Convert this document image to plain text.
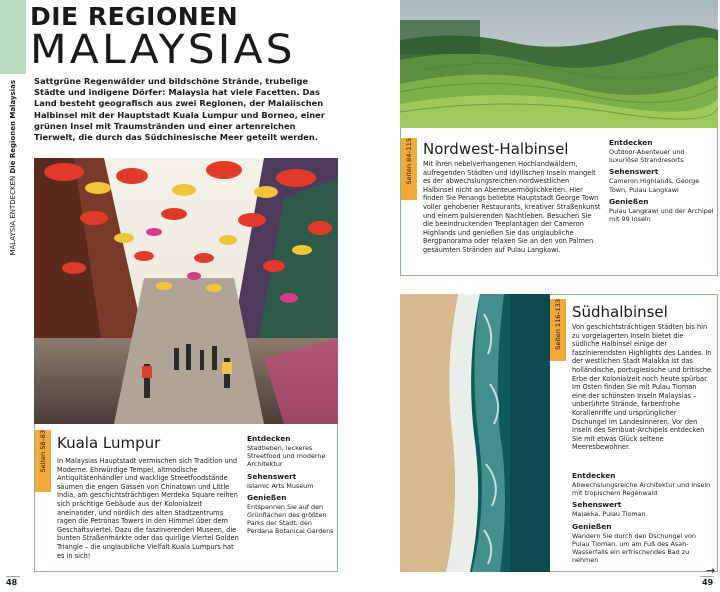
DIE REGIONEN
MALAYSIAS
MALAYSIA ENTDECKEN Die Regionen Malaysias	Sattgrüne Regenwälder und bildschöne Strände, trubelige Städte und indigene Dörfer: Malaysia hat viele Facetten. Das Land besteht geografisch aus zwei Regionen, der Malaiischen Halbinsel mit der Hauptstadt Kuala Lumpur und Borneo, einer grünen Insel mit Traumstränden und einer artenreichen Tierwelt, die durch das Südchinesische Meer geteilt werden.

Seiten 58–83 Kuala Lumpur

In Malaysias Hauptstadt vermischen sich Tradition und Moderne. Ehrwürdige Tempel, altmodische Antiquitätenhändler und wacklige Streetfoodstände säumen die engen Gassen von Chinatown und Little India, am geschichtsträchtigen Merdeka Square reihen sich prächtige Gebäude aus der Kolonialzeit aneinander, und nördlich des alten Stadtzentrums ragen die Petronas Towers in den Himmel über dem Geschäftsviertel. Dazu die faszinierenden Museen, die bunten Straßenmärkte oder das quirlige Viertel Golden Triangle – die unglaubliche Vielfalt Kuala Lumpurs hat es in sich!

Entdecken
Stadtleben, leckeres Streetfood und moderne Architektur
Sehenswert
Islamic Arts Museum
Genießen
Entspannen Sie auf den Grünflächen des größten Parks der Stadt, den Perdana Botanical Gardens
48
Seiten 84–115 Nordwest-Halbinsel

Mit ihren nebelverhangenen Hochlandwäldern, aufregenden Städten und idyllischen Inseln mangelt es der abwechslungsreichen nordwestlichen Halbinsel nicht an Abenteuermöglichkeiten. Hier finden Sie Penangs beliebte Hauptstadt George Town voller gehobener Restaurants, kreativer Straßenkunst und einem pulsierenden Nachtleben. Besuchen Sie die beeindruckenden Teeplantagen der Cameron Highlands und genießen Sie das unglaubliche Bergpanorama oder relaxen Sie an den von Palmen gesäumten Stränden auf Pulau Langkawi.

Entdecken
Outdoor-Abenteuer und luxuriöse Strandresorts
Sehenswert
Cameron Highlands, George Town, Pulau Langkawi
Genießen
Pulau Langkawi und der Archipel mit 99 Inseln
Seiten 116–133 Südhalbinsel

Von geschichtsträchtigen Städten bis hin zu vorgelagerten Inseln bietet die südliche Halbinsel einige der faszinierendsten Highlights des Landes. In der westlichen Stadt Malakka ist das holländische, portugiesische und britische Erbe der Kolonialzeit noch heute spürbar. Im Osten finden Sie mit Pulau Tioman eine der schönsten Inseln Malaysias – unberührte Strände, farbenfrohe Korallenriffe und ursprünglicher Dschungel im Landesinneren. Vor den Inseln des Seribuat-Archipels entdecken Sie mit etwas Glück seltene Meeresbewohner.

Entdecken
Abwechslungsreiche Architektur und Inseln mit tropischem Regenwald
Sehenswert
Malakka, Pulau Tioman
Genießen
Wandern Sie durch den Dschungel von Pulau Tioman, um am Fuß des Asah-Wasserfalls ein erfrischendes Bad zu nehmen
49
→
